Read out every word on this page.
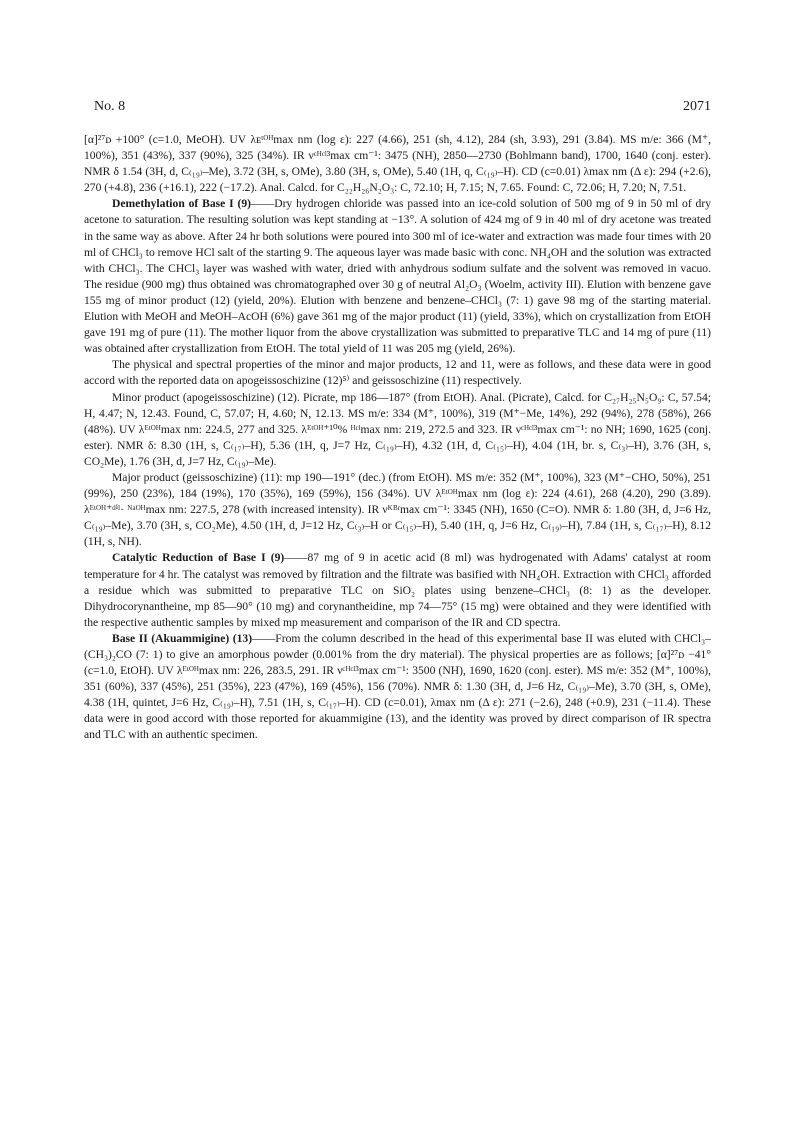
No. 8	2071

[α]²⁷ᴅ +100° (c=1.0, MeOH). UV λᴇᵗᴼᴴmax nm (log ε): 227 (4.66), 251 (sh, 4.12), 284 (sh, 3.93), 291 (3.84). MS m/e: 366 (M⁺, 100%), 351 (43%), 337 (90%), 325 (34%). IR νᶜᴴᶜˡ³max cm⁻¹: 3475 (NH), 2850—2730 (Bohlmann band), 1700, 1640 (conj. ester). NMR δ 1.54 (3H, d, C₍₁₉₎–Me), 3.72 (3H, s, OMe), 3.80 (3H, s, OMe), 5.40 (1H, q, C₍₁₉₎–H). CD (c=0.01) λmax nm (Δ ε): 294 (+2.6), 270 (+4.8), 236 (+16.1), 222 (−17.2). Anal. Calcd. for C₂₂H₂₆N₂O₃: C, 72.10; H, 7.15; N, 7.65. Found: C, 72.06; H, 7.20; N, 7.51.

Demethylation of Base I (9)——Dry hydrogen chloride was passed into an ice-cold solution of 500 mg of 9 in 50 ml of dry acetone to saturation. The resulting solution was kept standing at −13°. A solution of 424 mg of 9 in 40 ml of dry acetone was treated in the same way as above. After 24 hr both solutions were poured into 300 ml of ice-water and extraction was made four times with 20 ml of CHCl₃ to remove HCl salt of the starting 9. The aqueous layer was made basic with conc. NH₄OH and the solution was extracted with CHCl₃. The CHCl₃ layer was washed with water, dried with anhydrous sodium sulfate and the solvent was removed in vacuo. The residue (900 mg) thus obtained was chromatographed over 30 g of neutral Al₂O₃ (Woelm, activity III). Elution with benzene gave 155 mg of minor product (12) (yield, 20%). Elution with benzene and benzene–CHCl₃ (7: 1) gave 98 mg of the starting material. Elution with MeOH and MeOH–AcOH (6%) gave 361 mg of the major product (11) (yield, 33%), which on crystallization from EtOH gave 191 mg of pure (11). The mother liquor from the above crystallization was submitted to preparative TLC and 14 mg of pure (11) was obtained after crystallization from EtOH. The total yield of 11 was 205 mg (yield, 26%).

The physical and spectral properties of the minor and major products, 12 and 11, were as follows, and these data were in good accord with the reported data on apogeissoschizine (12)⁵⁾ and geissoschizine (11) respectively.

Minor product (apogeissoschizine) (12). Picrate, mp 186—187° (from EtOH). Anal. (Picrate), Calcd. for C₂₇H₂₅N₅O₉: C, 57.54; H, 4.47; N, 12.43. Found, C, 57.07; H, 4.60; N, 12.13. MS m/e: 334 (M⁺, 100%), 319 (M⁺−Me, 14%), 292 (94%), 278 (58%), 266 (48%). UV λᴱᵗᴼᴴmax nm: 224.5, 277 and 325. λᴱᵗᴼᴴ⁺¹⁰% ᴴᶜˡmax nm: 219, 272.5 and 323. IR νᶜᴴᶜˡ³max cm⁻¹: no NH; 1690, 1625 (conj. ester). NMR δ: 8.30 (1H, s, C₍₁₇₎–H), 5.36 (1H, q, J=7 Hz, C₍₁₉₎–H), 4.32 (1H, d, C₍₁₅₎–H), 4.04 (1H, br. s, C₍₃₎–H), 3.76 (3H, s, CO₂Me), 1.76 (3H, d, J=7 Hz, C₍₁₉₎–Me).

Major product (geissoschizine) (11): mp 190—191° (dec.) (from EtOH). MS m/e: 352 (M⁺, 100%), 323 (M⁺−CHO, 50%), 251 (99%), 250 (23%), 184 (19%), 170 (35%), 169 (59%), 156 (34%). UV λᴱᵗᴼᴴmax nm (log ε): 224 (4.61), 268 (4.20), 290 (3.89). λᴱᵗᴼᴴ⁺ᵈⁱˡ· ᴺᵃᴼᴴmax nm: 227.5, 278 (with increased intensity). IR νᴷᴮʳmax cm⁻¹: 3345 (NH), 1650 (C=O). NMR δ: 1.80 (3H, d, J=6 Hz, C₍₁₉₎–Me), 3.70 (3H, s, CO₂Me), 4.50 (1H, d, J=12 Hz, C₍₃₎–H or C₍₁₅₎–H), 5.40 (1H, q, J=6 Hz, C₍₁₉₎–H), 7.84 (1H, s, C₍₁₇₎–H), 8.12 (1H, s, NH).

Catalytic Reduction of Base I (9)——87 mg of 9 in acetic acid (8 ml) was hydrogenated with Adams' catalyst at room temperature for 4 hr. The catalyst was removed by filtration and the filtrate was basified with NH₄OH. Extraction with CHCl₃ afforded a residue which was submitted to preparative TLC on SiO₂ plates using benzene–CHCl₃ (8: 1) as the developer. Dihydrocorynantheine, mp 85—90° (10 mg) and corynantheidine, mp 74—75° (15 mg) were obtained and they were identified with the respective authentic samples by mixed mp measurement and comparison of the IR and CD spectra.

Base II (Akuammigine) (13)——From the column described in the head of this experimental base II was eluted with CHCl₃–(CH₃)₂CO (7: 1) to give an amorphous powder (0.001% from the dry material). The physical properties are as follows; [α]²⁷ᴅ −41° (c=1.0, EtOH). UV λᴱᵗᴼᴴmax nm: 226, 283.5, 291. IR νᶜᴴᶜˡ³max cm⁻¹: 3500 (NH), 1690, 1620 (conj. ester). MS m/e: 352 (M⁺, 100%), 351 (60%), 337 (45%), 251 (35%), 223 (47%), 169 (45%), 156 (70%). NMR δ: 1.30 (3H, d, J=6 Hz, C₍₁₉₎–Me), 3.70 (3H, s, OMe), 4.38 (1H, quintet, J=6 Hz, C₍₁₉₎–H), 7.51 (1H, s, C₍₁₇₎–H). CD (c=0.01), λmax nm (Δ ε): 271 (−2.6), 248 (+0.9), 231 (−11.4). These data were in good accord with those reported for akuammigine (13), and the identity was proved by direct comparison of IR spectra and TLC with an authentic specimen.
